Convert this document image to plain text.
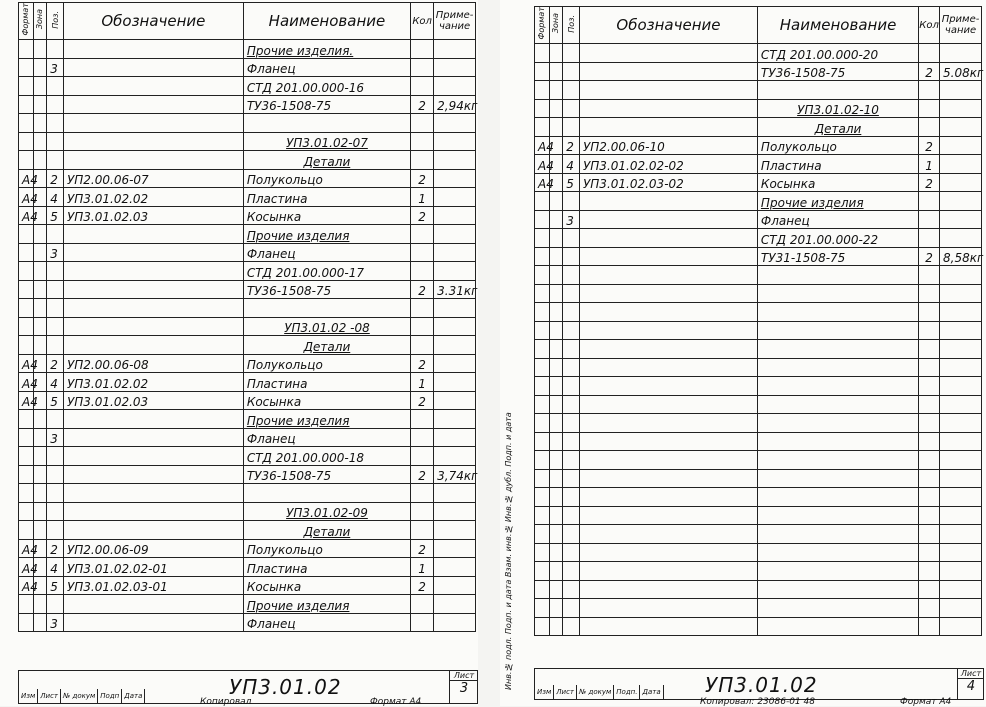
Формат	Зона	Поз.	Обозначение	Наименование	Кол	Приме-чание
				Прочие изделия.		
		3		Фланец		
				СТД 201.00.000-16		
				ТУ36-1508-75	2	2,94кг

				УП3.01.02-07		
				Детали		
А4		2	УП2.00.06-07	Полукольцо	2	
А4		4	УП3.01.02.02	Пластина	1	
А4		5	УП3.01.02.03	Косынка	2	
				Прочие изделия		
		3		Фланец		
				СТД 201.00.000-17		
				ТУ36-1508-75	2	3.31кг

				УП3.01.02 -08		
				Детали		
А4		2	УП2.00.06-08	Полукольцо	2	
А4		4	УП3.01.02.02	Пластина	1	
А4		5	УП3.01.02.03	Косынка	2	
				Прочие изделия		
		3		Фланец		
				СТД 201.00.000-18		
				ТУ36-1508-75	2	3,74кг

				УП3.01.02-09		
				Детали		
А4		2	УП2.00.06-09	Полукольцо	2	
А4		4	УП3.01.02.02-01	Пластина	1	
А4		5	УП3.01.02.03-01	Косынка	2	
				Прочие изделия		
		3		Фланец		
Изм Лист № докум Подп Дата	УП3.01.02	Лист
3
Копировал	Формат А4
Инв.№ подл. Подп. и дата Взам. инв.№ Инв.№ дубл. Подп. и дата
Формат	Зона	Поз.	Обозначение	Наименование	Кол	Приме-чание
				СТД 201.00.000-20		
				ТУ36-1508-75	2	5.08кг

				УП3.01.02-10		
				Детали		
А4		2	УП2.00.06-10	Полукольцо	2	
А4		4	УП3.01.02.02-02	Пластина	1	
А4		5	УП3.01.02.03-02	Косынка	2	
				Прочие изделия		
		3		Фланец		
				СТД 201.00.000-22		
				ТУ31-1508-75	2	8,58кг

Изм Лист № докум Подп. Дата УП3.01.02	Лист
4
Копировал: 23086-01 48	Формат А4
